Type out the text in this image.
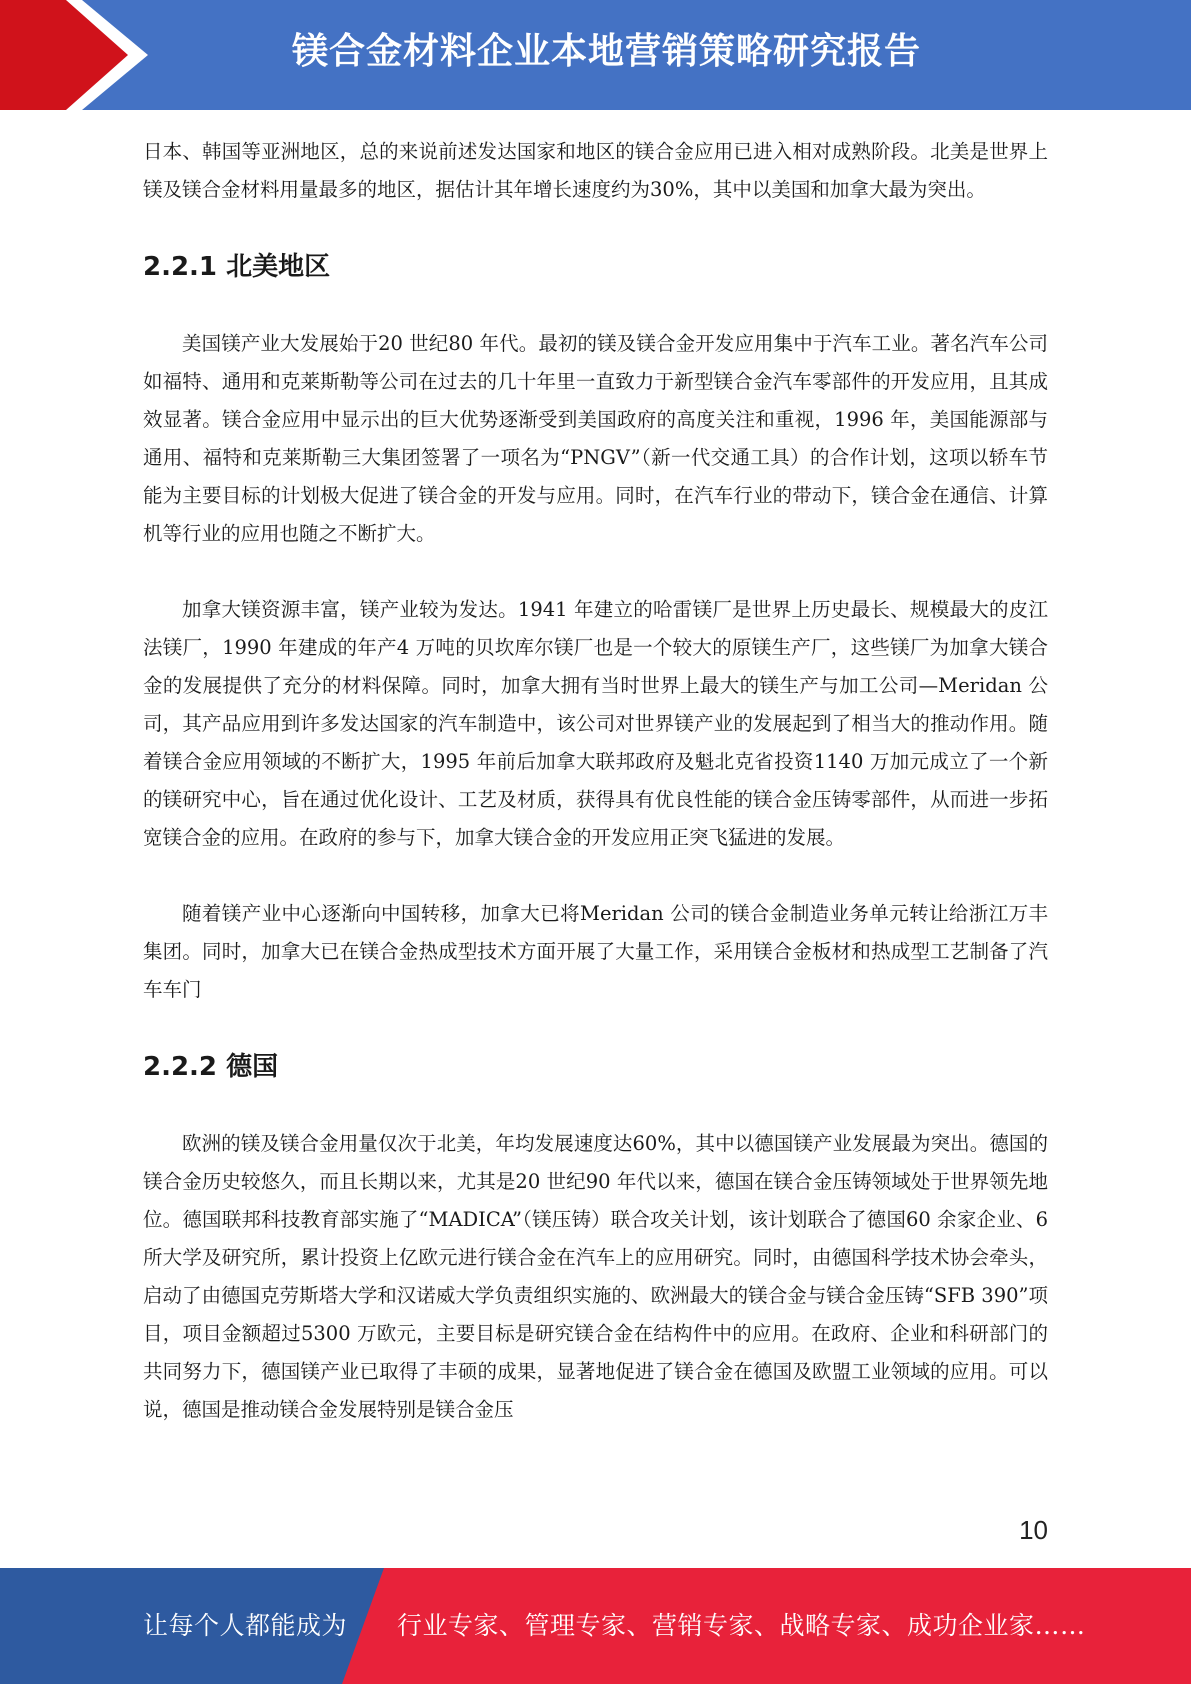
镁合金材料企业本地营销策略研究报告

日本、韩国等亚洲地区，总的来说前述发达国家和地区的镁合金应用已进入相对成熟阶段。北美是世界上镁及镁合金材料用量最多的地区，据估计其年增长速度约为30%，其中以美国和加拿大最为突出。

2.2.1 北美地区

美国镁产业大发展始于20 世纪80 年代。最初的镁及镁合金开发应用集中于汽车工业。著名汽车公司如福特、通用和克莱斯勒等公司在过去的几十年里一直致力于新型镁合金汽车零部件的开发应用，且其成效显著。镁合金应用中显示出的巨大优势逐渐受到美国政府的高度关注和重视，1996 年，美国能源部与通用、福特和克莱斯勒三大集团签署了一项名为“PNGV”（新一代交通工具）的合作计划，这项以轿车节能为主要目标的计划极大促进了镁合金的开发与应用。同时，在汽车行业的带动下，镁合金在通信、计算机等行业的应用也随之不断扩大。

加拿大镁资源丰富，镁产业较为发达。1941 年建立的哈雷镁厂是世界上历史最长、规模最大的皮江法镁厂，1990 年建成的年产4 万吨的贝坎库尔镁厂也是一个较大的原镁生产厂，这些镁厂为加拿大镁合金的发展提供了充分的材料保障。同时，加拿大拥有当时世界上最大的镁生产与加工公司—Meridan 公司，其产品应用到许多发达国家的汽车制造中，该公司对世界镁产业的发展起到了相当大的推动作用。随着镁合金应用领域的不断扩大，1995 年前后加拿大联邦政府及魁北克省投资1140 万加元成立了一个新的镁研究中心，旨在通过优化设计、工艺及材质，获得具有优良性能的镁合金压铸零部件，从而进一步拓宽镁合金的应用。在政府的参与下，加拿大镁合金的开发应用正突飞猛进的发展。

随着镁产业中心逐渐向中国转移，加拿大已将Meridan 公司的镁合金制造业务单元转让给浙江万丰集团。同时，加拿大已在镁合金热成型技术方面开展了大量工作，采用镁合金板材和热成型工艺制备了汽车车门

2.2.2 德国

欧洲的镁及镁合金用量仅次于北美，年均发展速度达60%，其中以德国镁产业发展最为突出。德国的镁合金历史较悠久，而且长期以来，尤其是20 世纪90 年代以来，德国在镁合金压铸领域处于世界领先地位。德国联邦科技教育部实施了“MADICA”（镁压铸）联合攻关计划，该计划联合了德国60 余家企业、6 所大学及研究所，累计投资上亿欧元进行镁合金在汽车上的应用研究。同时，由德国科学技术协会牵头，启动了由德国克劳斯塔大学和汉诺威大学负责组织实施的、欧洲最大的镁合金与镁合金压铸“SFB 390”项目，项目金额超过5300 万欧元，主要目标是研究镁合金在结构件中的应用。在政府、企业和科研部门的共同努力下，德国镁产业已取得了丰硕的成果，显著地促进了镁合金在德国及欧盟工业领域的应用。可以说，德国是推动镁合金发展特别是镁合金压

10
让每个人都能成为 行业专家、管理专家、营销专家、战略专家、成功企业家……
